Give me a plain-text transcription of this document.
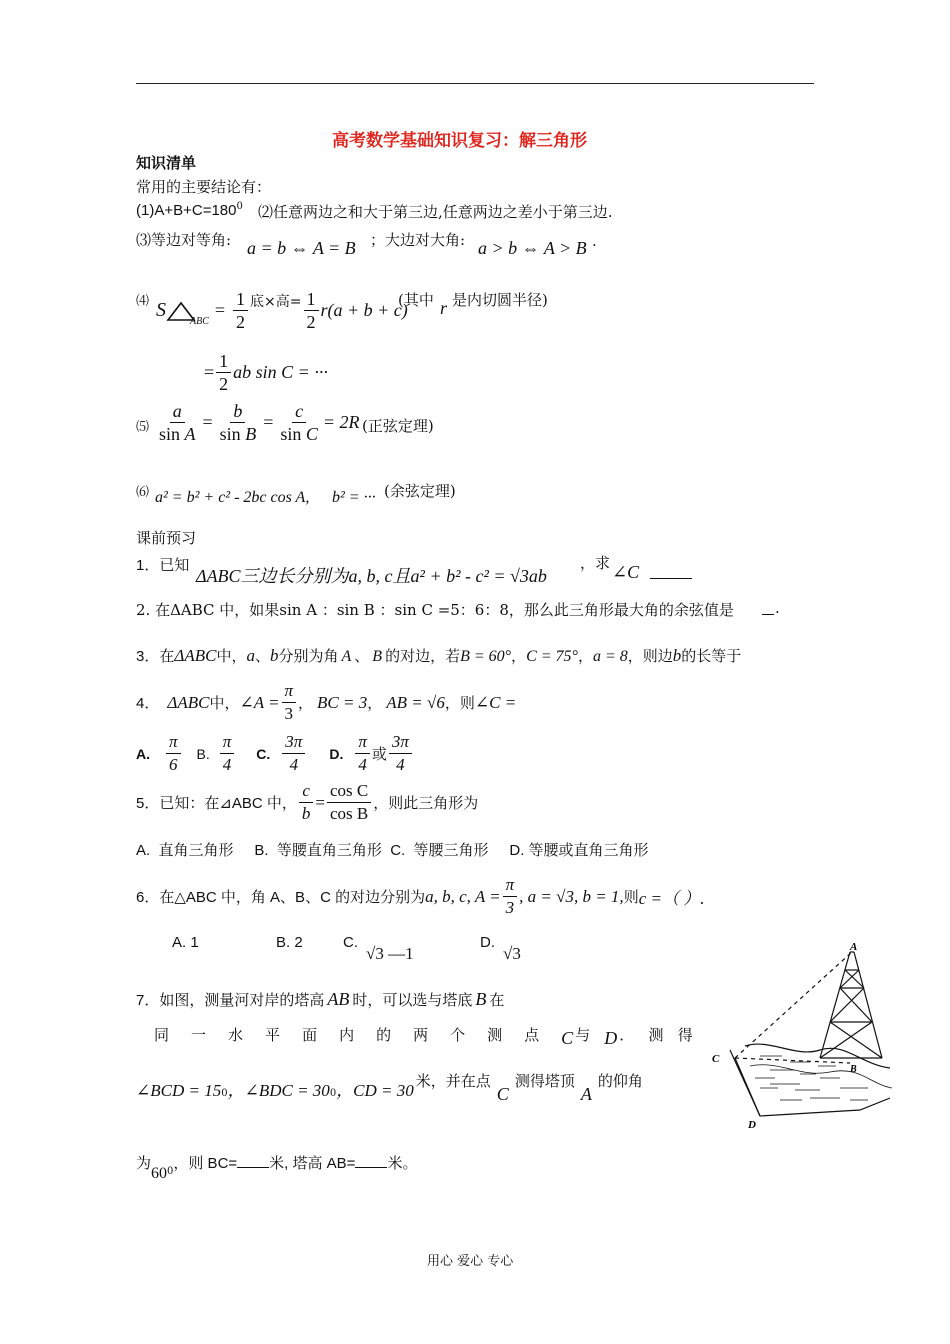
高考数学基础知识复习：解三角形
知识清单
常用的主要结论有：
$(1)A+B+C=180^0$ ⑵任意两边之和大于第三边,任意两边之差小于第三边.
⑶等边对等角: a = b ⇔ A = B ；大边对大角: a > b ⇔ A > B .
⑷ S
ABC
= $\frac{1}{2}$ 底×高= $\frac{1}{2} r(a + b + c)$
(其中 r 是内切圆半径)
= $\frac{1}{2}$ ab sin C = ···
⑸ $\frac{a}{\text{sin A}} = \frac{b}{\text{sin B}} = \frac{c}{\text{sin C}} = 2R$ (正弦定理)
⑹ a² = b² + c² - 2bc cos A, b² = ··· (余弦定理)
课前预习
1．已知
ΔABC三边长分别为a, b, c且a² + b² - c² = √3ab
，求 ∠C
2. 在ΔABC 中，如果sin A ：sin B ：sin C =5：6：8，那么此三角形最大角的余弦值是	.
3．在 ΔABC 中， a 、 b 分别为角 A 、 B 的对边，若 B = 60° ， C = 75° ， a = 8 ，则边 b 的长等于
4． ΔABC 中， ∠A = $\frac{\pi}{3}$ ， BC = 3 ， AB = √6 ，则 ∠C =
A. $\frac{\pi}{6} B$. $\frac{\pi}{4} C$. $\frac{3\pi}{4} D$. $\frac{\pi}{4}$ 或 $\frac{3\pi}{4}$
5．已知：在⊿ABC 中， $\frac{c}{b} = \frac{\text{cos C}}{\text{cos B}}$ ，则此三角形为
A.  直角三角形     B.  等腰直角三角形  C.  等腰三角形     D. 等腰或直角三角形
6．在△ABC 中，角 A、B、C 的对边分别为 a, b, c, $A = \frac{\pi}{3}$ , a = √3, b = 1, 则 c =（ ）.
A. 1	B. 2	C.
√3 —1
D.
√3
7．如图，测量河对岸的塔高 AB 时，可以选与塔底 B 在
同 一 水 平 面 内 的 两 个 测 点 C 与 D ．   测   得
∠BCD = 15 0 ，∠BDC = $30_0$ ，CD = 30 米，并在点
C
测得塔顶
A
的仰角
为
$60^0$ ，则 BC= 米, 塔高 AB= 米。
A
B
C
D
用心 爱心 专心
